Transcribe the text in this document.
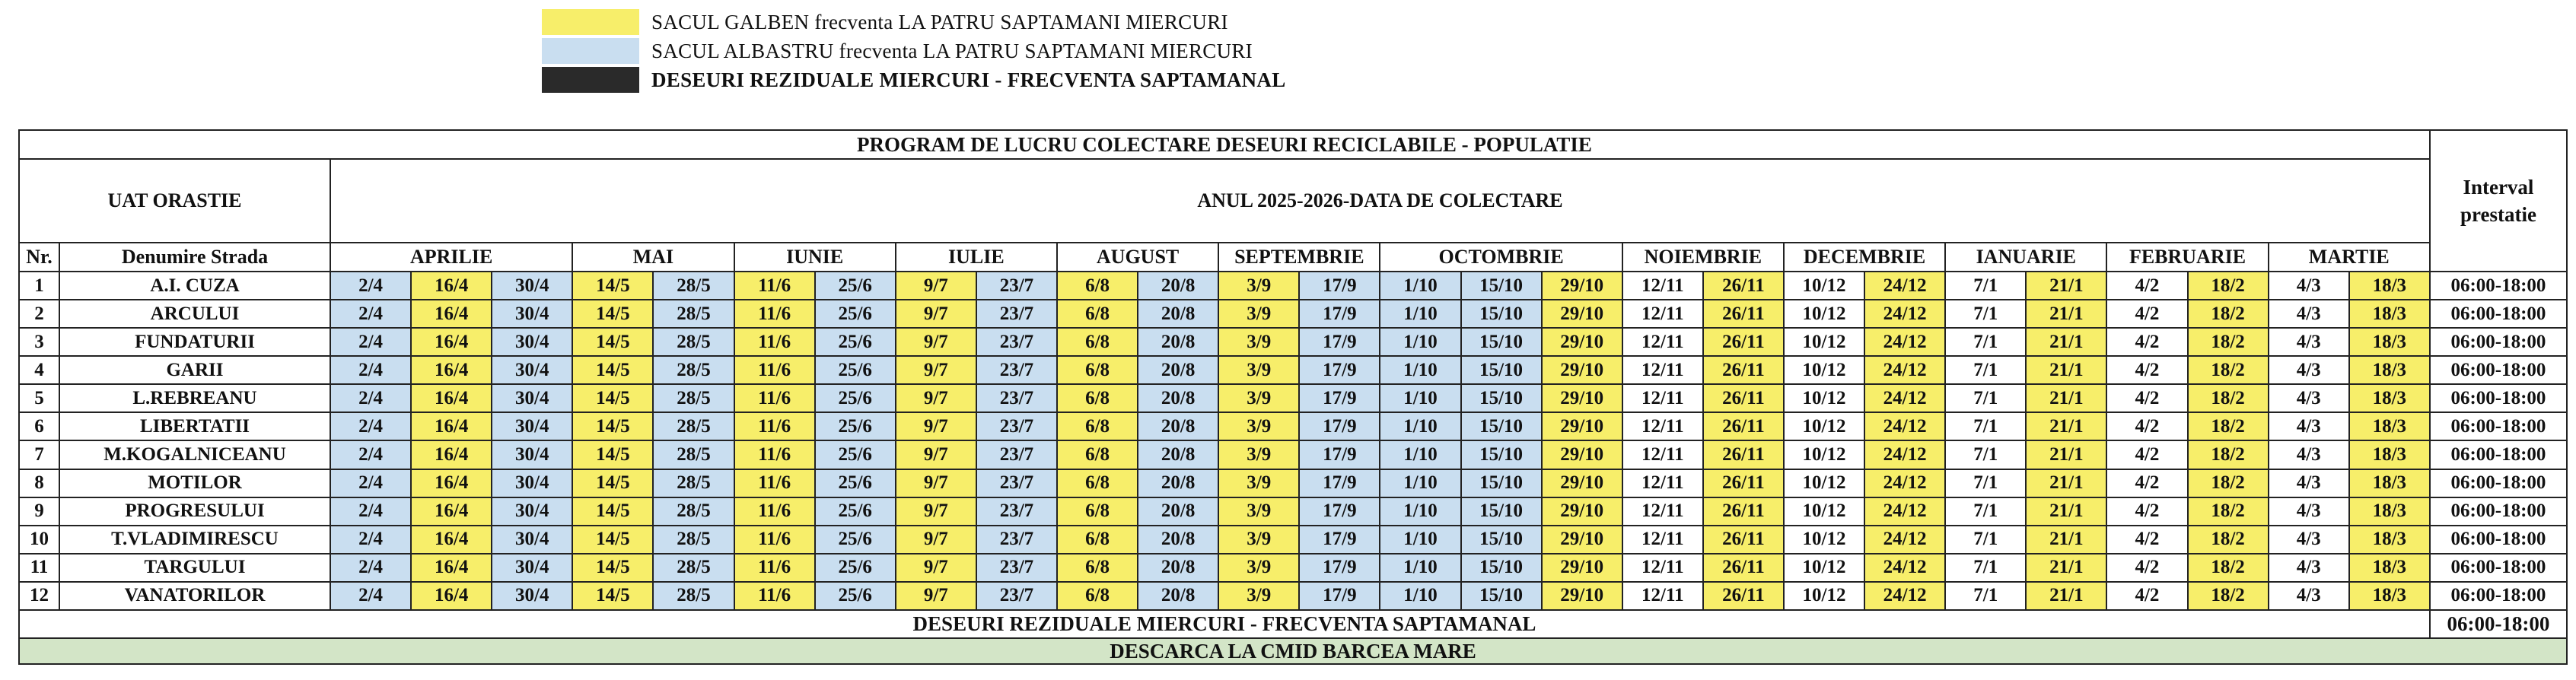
SACUL GALBEN frecventa LA PATRU SAPTAMANI MIERCURI
SACUL ALBASTRU frecventa LA PATRU SAPTAMANI MIERCURI
DESEURI REZIDUALE MIERCURI - FRECVENTA SAPTAMANAL
PROGRAM DE LUCRU COLECTARE DESEURI RECICLABILE - POPULATIE																												Interval prestatie
UAT ORASTIE		ANUL 2025-2026-DATA DE COLECTARE																										
Nr.	Denumire Strada	APRILIE			MAI		IUNIE		IULIE		AUGUST		SEPTEMBRIE		OCTOMBRIE			NOIEMBRIE		DECEMBRIE		IANUARIE		FEBRUARIE		MARTIE		
1	A.I. CUZA	2/4	16/4	30/4	14/5	28/5	11/6	25/6	9/7	23/7	6/8	20/8	3/9	17/9	1/10	15/10	29/10	12/11	26/11	10/12	24/12	7/1	21/1	4/2	18/2	4/3	18/3	06:00-18:00
2	ARCULUI	2/4	16/4	30/4	14/5	28/5	11/6	25/6	9/7	23/7	6/8	20/8	3/9	17/9	1/10	15/10	29/10	12/11	26/11	10/12	24/12	7/1	21/1	4/2	18/2	4/3	18/3	06:00-18:00
3	FUNDATURII	2/4	16/4	30/4	14/5	28/5	11/6	25/6	9/7	23/7	6/8	20/8	3/9	17/9	1/10	15/10	29/10	12/11	26/11	10/12	24/12	7/1	21/1	4/2	18/2	4/3	18/3	06:00-18:00
4	GARII	2/4	16/4	30/4	14/5	28/5	11/6	25/6	9/7	23/7	6/8	20/8	3/9	17/9	1/10	15/10	29/10	12/11	26/11	10/12	24/12	7/1	21/1	4/2	18/2	4/3	18/3	06:00-18:00
5	L.REBREANU	2/4	16/4	30/4	14/5	28/5	11/6	25/6	9/7	23/7	6/8	20/8	3/9	17/9	1/10	15/10	29/10	12/11	26/11	10/12	24/12	7/1	21/1	4/2	18/2	4/3	18/3	06:00-18:00
6	LIBERTATII	2/4	16/4	30/4	14/5	28/5	11/6	25/6	9/7	23/7	6/8	20/8	3/9	17/9	1/10	15/10	29/10	12/11	26/11	10/12	24/12	7/1	21/1	4/2	18/2	4/3	18/3	06:00-18:00
7	M.KOGALNICEANU	2/4	16/4	30/4	14/5	28/5	11/6	25/6	9/7	23/7	6/8	20/8	3/9	17/9	1/10	15/10	29/10	12/11	26/11	10/12	24/12	7/1	21/1	4/2	18/2	4/3	18/3	06:00-18:00
8	MOTILOR	2/4	16/4	30/4	14/5	28/5	11/6	25/6	9/7	23/7	6/8	20/8	3/9	17/9	1/10	15/10	29/10	12/11	26/11	10/12	24/12	7/1	21/1	4/2	18/2	4/3	18/3	06:00-18:00
9	PROGRESULUI	2/4	16/4	30/4	14/5	28/5	11/6	25/6	9/7	23/7	6/8	20/8	3/9	17/9	1/10	15/10	29/10	12/11	26/11	10/12	24/12	7/1	21/1	4/2	18/2	4/3	18/3	06:00-18:00
10	T.VLADIMIRESCU	2/4	16/4	30/4	14/5	28/5	11/6	25/6	9/7	23/7	6/8	20/8	3/9	17/9	1/10	15/10	29/10	12/11	26/11	10/12	24/12	7/1	21/1	4/2	18/2	4/3	18/3	06:00-18:00
11	TARGULUI	2/4	16/4	30/4	14/5	28/5	11/6	25/6	9/7	23/7	6/8	20/8	3/9	17/9	1/10	15/10	29/10	12/11	26/11	10/12	24/12	7/1	21/1	4/2	18/2	4/3	18/3	06:00-18:00
12	VANATORILOR	2/4	16/4	30/4	14/5	28/5	11/6	25/6	9/7	23/7	6/8	20/8	3/9	17/9	1/10	15/10	29/10	12/11	26/11	10/12	24/12	7/1	21/1	4/2	18/2	4/3	18/3	06:00-18:00
DESEURI REZIDUALE MIERCURI - FRECVENTA SAPTAMANAL																												06:00-18:00
DESCARCA LA CMID BARCEA MARE																												
